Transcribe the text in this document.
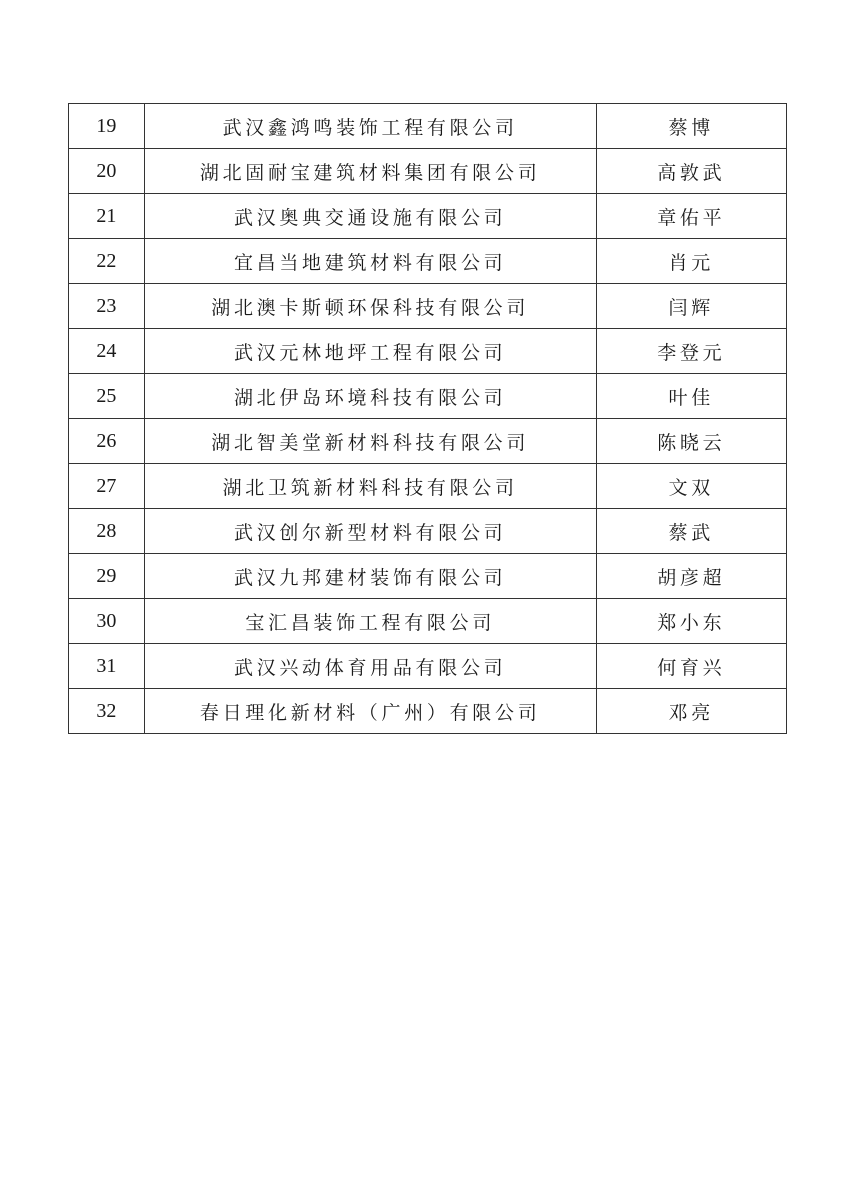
19	武汉鑫鸿鸣装饰工程有限公司	蔡博
20	湖北固耐宝建筑材料集团有限公司	高敦武
21	武汉奥典交通设施有限公司	章佑平
22	宜昌当地建筑材料有限公司	肖元
23	湖北澳卡斯顿环保科技有限公司	闫辉
24	武汉元林地坪工程有限公司	李登元
25	湖北伊岛环境科技有限公司	叶佳
26	湖北智美堂新材料科技有限公司	陈晓云
27	湖北卫筑新材料科技有限公司	文双
28	武汉创尔新型材料有限公司	蔡武
29	武汉九邦建材装饰有限公司	胡彦超
30	宝汇昌装饰工程有限公司	郑小东
31	武汉兴动体育用品有限公司	何育兴
32	春日理化新材料（广州）有限公司	邓亮
